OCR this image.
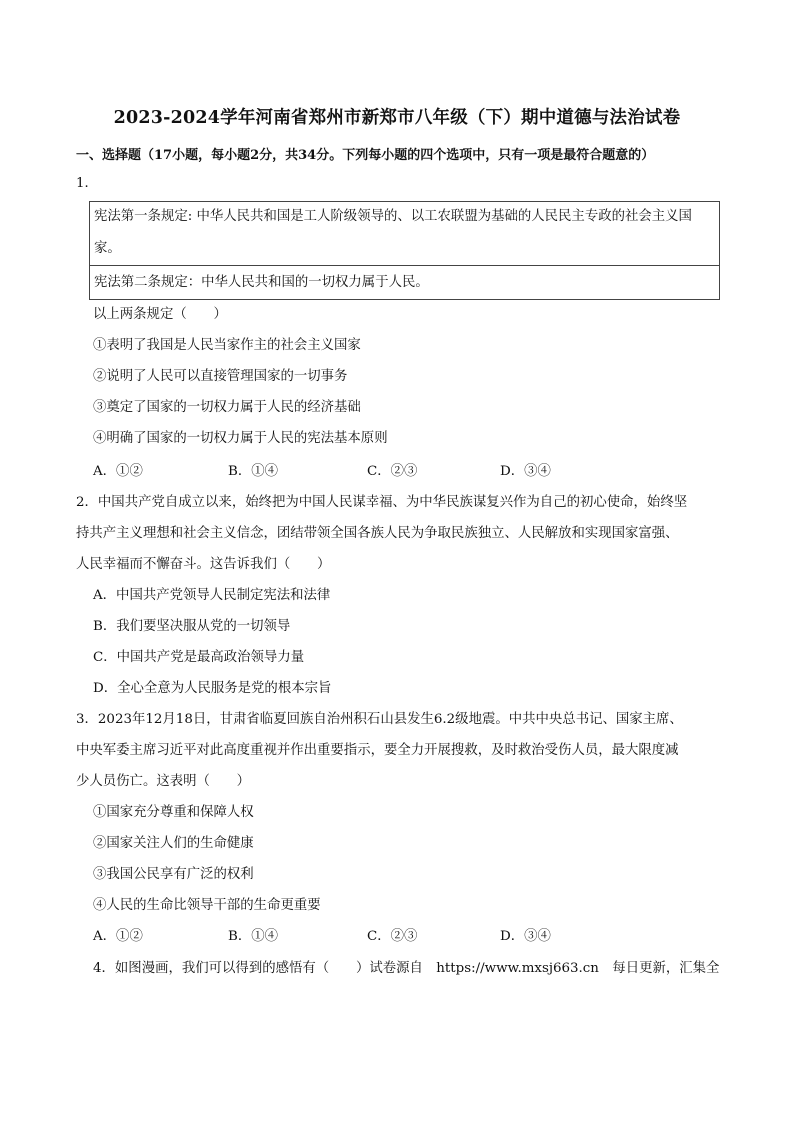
2023-2024学年河南省郑州市新郑市八年级（下）期中道德与法治试卷
一、选择题（17小题，每小题2分，共34分。下列每小题的四个选项中，只有一项是最符合题意的）
1．
宪法第一条规定: 中华人民共和国是工人阶级领导的、以工农联盟为基础的人民民主专政的社会主义国
家。
宪法第二条规定：中华人民共和国的一切权力属于人民。
以上两条规定（　　）
①表明了我国是人民当家作主的社会主义国家
②说明了人民可以直接管理国家的一切事务
③奠定了国家的一切权力属于人民的经济基础
④明确了国家的一切权力属于人民的宪法基本原则
A．①②	B．①④	C．②③	D．③④
2．中国共产党自成立以来，始终把为中国人民谋幸福、为中华民族谋复兴作为自己的初心使命，始终坚
持共产主义理想和社会主义信念，团结带领全国各族人民为争取民族独立、人民解放和实现国家富强、
人民幸福而不懈奋斗。这告诉我们（　　）
A．中国共产党领导人民制定宪法和法律
B．我们要坚决服从党的一切领导
C．中国共产党是最高政治领导力量
D．全心全意为人民服务是党的根本宗旨
3．2023年12月18日，甘肃省临夏回族自治州积石山县发生6.2级地震。中共中央总书记、国家主席、
中央军委主席习近平对此高度重视并作出重要指示，要全力开展搜救，及时救治受伤人员，最大限度减
少人员伤亡。这表明（　　）
①国家充分尊重和保障人权
②国家关注人们的生命健康
③我国公民享有广泛的权利
④人民的生命比领导干部的生命更重要
A．①②	B．①④	C．②③	D．③④
4．如图漫画，我们可以得到的感悟有（　　）试卷源自　https://www.mxsj663.cn　每日更新，汇集全
